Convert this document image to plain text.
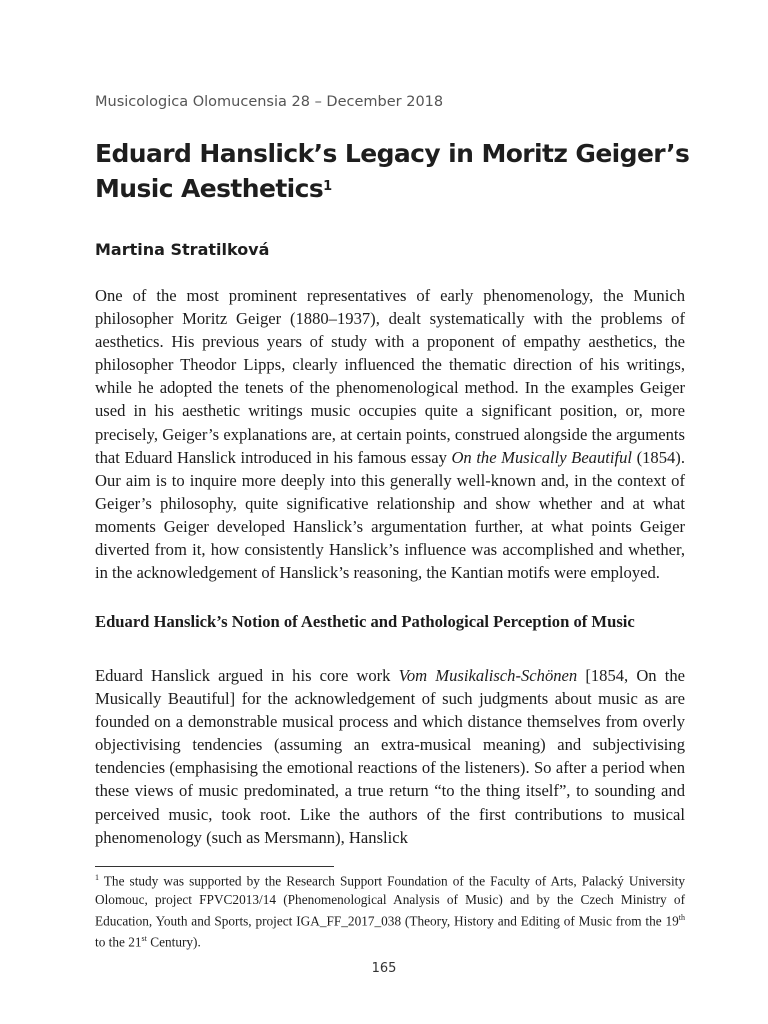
Musicologica Olomucensia 28 – December 2018
Eduard Hanslick’s Legacy in Moritz Geiger’s Music Aesthetics$^1$
Martina Stratilková

One of the most prominent representatives of early phenomenology, the Munich philosopher Moritz Geiger (1880–1937), dealt systematically with the problems of aesthetics. His previous years of study with a proponent of empathy aesthetics, the philosopher Theodor Lipps, clearly influenced the thematic direction of his writings, while he adopted the tenets of the phenomenological method. In the examples Geiger used in his aesthetic writings music occupies quite a significant position, or, more precisely, Geiger’s explanations are, at certain points, construed alongside the arguments that Eduard Hanslick introduced in his famous essay On the Musically Beautiful (1854). Our aim is to inquire more deeply into this generally well-known and, in the context of Geiger’s philosophy, quite significative relationship and show whether and at what moments Geiger developed Hanslick’s argumentation further, at what points Geiger diverted from it, how consistently Hanslick’s influence was accomplished and whether, in the acknowledgement of Hanslick’s reasoning, the Kantian motifs were employed.

Eduard Hanslick’s Notion of Aesthetic and Pathological Perception of Music

Eduard Hanslick argued in his core work Vom Musikalisch-Schönen [1854, On the Musically Beautiful] for the acknowledgement of such judgments about music as are founded on a demonstrable musical process and which distance themselves from overly objectivising tendencies (assuming an extra-musical meaning) and subjectivising tendencies (emphasising the emotional reactions of the listeners). So after a period when these views of music predominated, a true return “to the thing itself”, to sounding and perceived music, took root. Like the authors of the first contributions to musical phenomenology (such as Mersmann), Hanslick

$^1$ The study was supported by the Research Support Foundation of the Faculty of Arts, Palacký University Olomouc, project FPVC2013/14 (Phenomenological Analysis of Music) and by the Czech Ministry of Education, Youth and Sports, project IGA_FF_2017_038 (Theory, History and Editing of Music from the 19th to the 21st Century).

165
